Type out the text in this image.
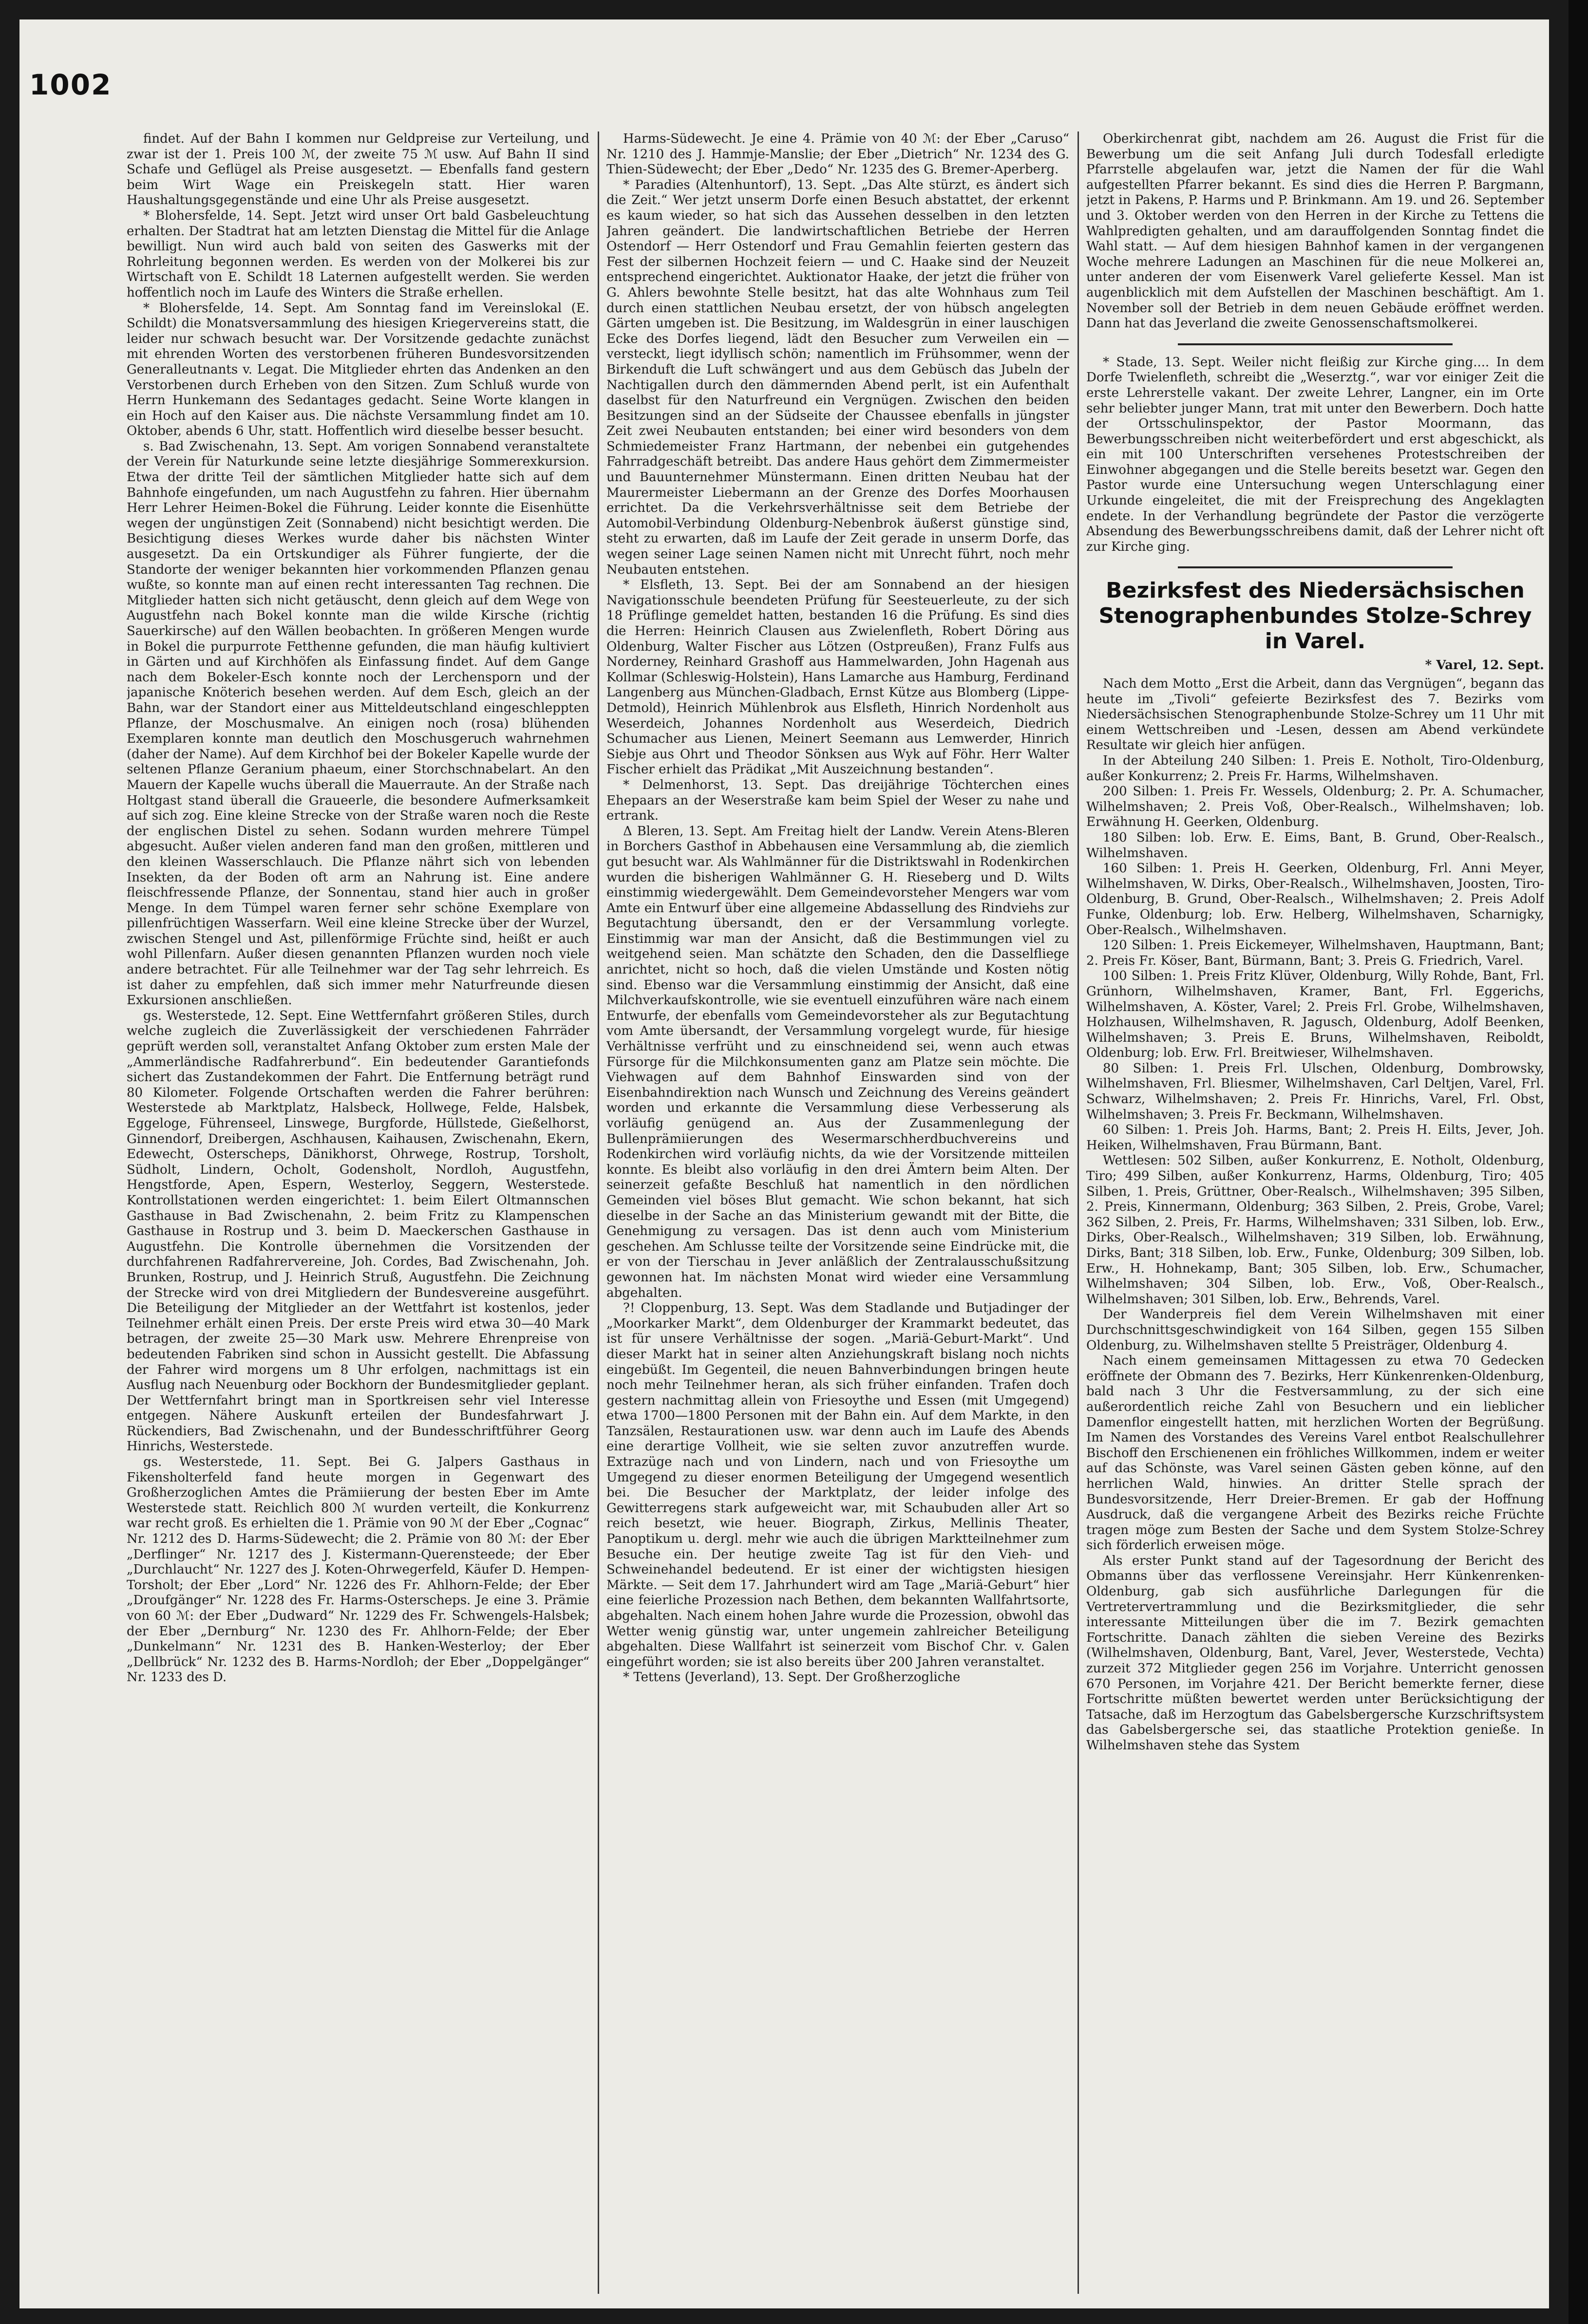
1002

findet. Auf der Bahn I kommen nur Geldpreise zur Verteilung, und zwar ist der 1. Preis 100 ℳ, der zweite 75 ℳ usw. Auf Bahn II sind Schafe und Geflügel als Preise ausgesetzt. — Ebenfalls fand gestern beim Wirt Wage ein Preiskegeln statt. Hier waren Haushaltungsgegenstände und eine Uhr als Preise ausgesetzt.

* Blohersfelde, 14. Sept. Jetzt wird unser Ort bald Gasbeleuchtung erhalten. Der Stadtrat hat am letzten Dienstag die Mittel für die Anlage bewilligt. Nun wird auch bald von seiten des Gaswerks mit der Rohrleitung begonnen werden. Es werden von der Molkerei bis zur Wirtschaft von E. Schildt 18 Laternen aufgestellt werden. Sie werden hoffentlich noch im Laufe des Winters die Straße erhellen.

* Blohersfelde, 14. Sept. Am Sonntag fand im Vereinslokal (E. Schildt) die Monatsversammlung des hiesigen Kriegervereins statt, die leider nur schwach besucht war. Der Vorsitzende gedachte zunächst mit ehrenden Worten des verstorbenen früheren Bundesvorsitzenden Generalleutnants v. Legat. Die Mitglieder ehrten das Andenken an den Verstorbenen durch Erheben von den Sitzen. Zum Schluß wurde von Herrn Hunkemann des Sedantages gedacht. Seine Worte klangen in ein Hoch auf den Kaiser aus. Die nächste Versammlung findet am 10. Oktober, abends 6 Uhr, statt. Hoffentlich wird dieselbe besser besucht.

s. Bad Zwischenahn, 13. Sept. Am vorigen Sonnabend veranstaltete der Verein für Naturkunde seine letzte diesjährige Sommerexkursion. Etwa der dritte Teil der sämtlichen Mitglieder hatte sich auf dem Bahnhofe eingefunden, um nach Augustfehn zu fahren. Hier übernahm Herr Lehrer Heimen-Bokel die Führung. Leider konnte die Eisenhütte wegen der ungünstigen Zeit (Sonnabend) nicht besichtigt werden. Die Besichtigung dieses Werkes wurde daher bis nächsten Winter ausgesetzt. Da ein Ortskundiger als Führer fungierte, der die Standorte der weniger bekannten hier vorkommenden Pflanzen genau wußte, so konnte man auf einen recht interessanten Tag rechnen. Die Mitglieder hatten sich nicht getäuscht, denn gleich auf dem Wege von Augustfehn nach Bokel konnte man die wilde Kirsche (richtig Sauerkirsche) auf den Wällen beobachten. In größeren Mengen wurde in Bokel die purpurrote Fetthenne gefunden, die man häufig kultiviert in Gärten und auf Kirchhöfen als Einfassung findet. Auf dem Gange nach dem Bokeler-Esch konnte noch der Lerchensporn und der japanische Knöterich besehen werden. Auf dem Esch, gleich an der Bahn, war der Standort einer aus Mitteldeutschland eingeschleppten Pflanze, der Moschusmalve. An einigen noch (rosa) blühenden Exemplaren konnte man deutlich den Moschusgeruch wahrnehmen (daher der Name). Auf dem Kirchhof bei der Bokeler Kapelle wurde der seltenen Pflanze Geranium phaeum, einer Storchschnabelart. An den Mauern der Kapelle wuchs überall die Mauerraute. An der Straße nach Holtgast stand überall die Graueerle, die besondere Aufmerksamkeit auf sich zog. Eine kleine Strecke von der Straße waren noch die Reste der englischen Distel zu sehen. Sodann wurden mehrere Tümpel abgesucht. Außer vielen anderen fand man den großen, mittleren und den kleinen Wasserschlauch. Die Pflanze nährt sich von lebenden Insekten, da der Boden oft arm an Nahrung ist. Eine andere fleischfressende Pflanze, der Sonnentau, stand hier auch in großer Menge. In dem Tümpel waren ferner sehr schöne Exemplare von pillenfrüchtigen Wasserfarn. Weil eine kleine Strecke über der Wurzel, zwischen Stengel und Ast, pillenförmige Früchte sind, heißt er auch wohl Pillenfarn. Außer diesen genannten Pflanzen wurden noch viele andere betrachtet. Für alle Teilnehmer war der Tag sehr lehrreich. Es ist daher zu empfehlen, daß sich immer mehr Naturfreunde diesen Exkursionen anschließen.

gs. Westerstede, 12. Sept. Eine Wettfernfahrt größeren Stiles, durch welche zugleich die Zuverlässigkeit der verschiedenen Fahrräder geprüft werden soll, veranstaltet Anfang Oktober zum ersten Male der „Ammerländische Radfahrerbund“. Ein bedeutender Garantiefonds sichert das Zustandekommen der Fahrt. Die Entfernung beträgt rund 80 Kilometer. Folgende Ortschaften werden die Fahrer berühren: Westerstede ab Marktplatz, Halsbeck, Hollwege, Felde, Halsbek, Eggeloge, Führenseel, Linswege, Burgforde, Hüllstede, Gießelhorst, Ginnendorf, Dreibergen, Aschhausen, Kaihausen, Zwischenahn, Ekern, Edewecht, Osterscheps, Dänikhorst, Ohrwege, Rostrup, Torsholt, Südholt, Lindern, Ocholt, Godensholt, Nordloh, Augustfehn, Hengstforde, Apen, Espern, Westerloy, Seggern, Westerstede. Kontrollstationen werden eingerichtet: 1. beim Eilert Oltmannschen Gasthause in Bad Zwischenahn, 2. beim Fritz zu Klampenschen Gasthause in Rostrup und 3. beim D. Maeckerschen Gasthause in Augustfehn. Die Kontrolle übernehmen die Vorsitzenden der durchfahrenen Radfahrervereine, Joh. Cordes, Bad Zwischenahn, Joh. Brunken, Rostrup, und J. Heinrich Struß, Augustfehn. Die Zeichnung der Strecke wird von drei Mitgliedern der Bundesvereine ausgeführt. Die Beteiligung der Mitglieder an der Wettfahrt ist kostenlos, jeder Teilnehmer erhält einen Preis. Der erste Preis wird etwa 30—40 Mark betragen, der zweite 25—30 Mark usw. Mehrere Ehrenpreise von bedeutenden Fabriken sind schon in Aussicht gestellt. Die Abfassung der Fahrer wird morgens um 8 Uhr erfolgen, nachmittags ist ein Ausflug nach Neuenburg oder Bockhorn der Bundesmitglieder geplant. Der Wettfernfahrt bringt man in Sportkreisen sehr viel Interesse entgegen. Nähere Auskunft erteilen der Bundesfahrwart J. Rückendiers, Bad Zwischenahn, und der Bundesschriftführer Georg Hinrichs, Westerstede.

gs. Westerstede, 11. Sept. Bei G. Jalpers Gasthaus in Fikensholterfeld fand heute morgen in Gegenwart des Großherzoglichen Amtes die Prämiierung der besten Eber im Amte Westerstede statt. Reichlich 800 ℳ wurden verteilt, die Konkurrenz war recht groß. Es erhielten die 1. Prämie von 90 ℳ der Eber „Cognac“ Nr. 1212 des D. Harms-Südewecht; die 2. Prämie von 80 ℳ: der Eber „Derflinger“ Nr. 1217 des J. Kistermann-Querensteede; der Eber „Durchlaucht“ Nr. 1227 des J. Koten-Ohrwegerfeld, Käufer D. Hempen-Torsholt; der Eber „Lord“ Nr. 1226 des Fr. Ahlhorn-Felde; der Eber „Droufgänger“ Nr. 1228 des Fr. Harms-Osterscheps. Je eine 3. Prämie von 60 ℳ: der Eber „Dudward“ Nr. 1229 des Fr. Schwengels-Halsbek; der Eber „Dernburg“ Nr. 1230 des Fr. Ahlhorn-Felde; der Eber „Dunkelmann“ Nr. 1231 des B. Hanken-Westerloy; der Eber „Dellbrück“ Nr. 1232 des B. Harms-Nordloh; der Eber „Doppelgänger“ Nr. 1233 des D.

Harms-Südewecht. Je eine 4. Prämie von 40 ℳ: der Eber „Caruso“ Nr. 1210 des J. Hammje-Manslie; der Eber „Dietrich“ Nr. 1234 des G. Thien-Südewecht; der Eber „Dedo“ Nr. 1235 des G. Bremer-Aperberg.

* Paradies (Altenhuntorf), 13. Sept. „Das Alte stürzt, es ändert sich die Zeit.“ Wer jetzt unserm Dorfe einen Besuch abstattet, der erkennt es kaum wieder, so hat sich das Aussehen desselben in den letzten Jahren geändert. Die landwirtschaftlichen Betriebe der Herren Ostendorf — Herr Ostendorf und Frau Gemahlin feierten gestern das Fest der silbernen Hochzeit feiern — und C. Haake sind der Neuzeit entsprechend eingerichtet. Auktionator Haake, der jetzt die früher von G. Ahlers bewohnte Stelle besitzt, hat das alte Wohnhaus zum Teil durch einen stattlichen Neubau ersetzt, der von hübsch angelegten Gärten umgeben ist. Die Besitzung, im Waldesgrün in einer lauschigen Ecke des Dorfes liegend, lädt den Besucher zum Verweilen ein — versteckt, liegt idyllisch schön; namentlich im Frühsommer, wenn der Birkenduft die Luft schwängert und aus dem Gebüsch das Jubeln der Nachtigallen durch den dämmernden Abend perlt, ist ein Aufenthalt daselbst für den Naturfreund ein Vergnügen. Zwischen den beiden Besitzungen sind an der Südseite der Chaussee ebenfalls in jüngster Zeit zwei Neubauten entstanden; bei einer wird besonders von dem Schmiedemeister Franz Hartmann, der nebenbei ein gutgehendes Fahrradgeschäft betreibt. Das andere Haus gehört dem Zimmermeister und Bauunternehmer Münstermann. Einen dritten Neubau hat der Maurermeister Liebermann an der Grenze des Dorfes Moorhausen errichtet. Da die Verkehrsverhältnisse seit dem Betriebe der Automobil-Verbindung Oldenburg-Nebenbrok äußerst günstige sind, steht zu erwarten, daß im Laufe der Zeit gerade in unserm Dorfe, das wegen seiner Lage seinen Namen nicht mit Unrecht führt, noch mehr Neubauten entstehen.

* Elsfleth, 13. Sept. Bei der am Sonnabend an der hiesigen Navigationsschule beendeten Prüfung für Seesteuerleute, zu der sich 18 Prüflinge gemeldet hatten, bestanden 16 die Prüfung. Es sind dies die Herren: Heinrich Clausen aus Zwielenfleth, Robert Döring aus Oldenburg, Walter Fischer aus Lötzen (Ostpreußen), Franz Fulfs aus Norderney, Reinhard Grashoff aus Hammelwarden, John Hagenah aus Kollmar (Schleswig-Holstein), Hans Lamarche aus Hamburg, Ferdinand Langenberg aus München-Gladbach, Ernst Kütze aus Blomberg (Lippe-Detmold), Heinrich Mühlenbrok aus Elsfleth, Hinrich Nordenholt aus Weserdeich, Johannes Nordenholt aus Weserdeich, Diedrich Schumacher aus Lienen, Meinert Seemann aus Lemwerder, Hinrich Siebje aus Ohrt und Theodor Sönksen aus Wyk auf Föhr. Herr Walter Fischer erhielt das Prädikat „Mit Auszeichnung bestanden“.

* Delmenhorst, 13. Sept. Das dreijährige Töchterchen eines Ehepaars an der Weserstraße kam beim Spiel der Weser zu nahe und ertrank.

Δ Bleren, 13. Sept. Am Freitag hielt der Landw. Verein Atens-Bleren in Borchers Gasthof in Abbehausen eine Versammlung ab, die ziemlich gut besucht war. Als Wahlmänner für die Distriktswahl in Rodenkirchen wurden die bisherigen Wahlmänner G. H. Rieseberg und D. Wilts einstimmig wiedergewählt. Dem Gemeindevorsteher Mengers war vom Amte ein Entwurf über eine allgemeine Abdassellung des Rindviehs zur Begutachtung übersandt, den er der Versammlung vorlegte. Einstimmig war man der Ansicht, daß die Bestimmungen viel zu weitgehend seien. Man schätzte den Schaden, den die Dasselfliege anrichtet, nicht so hoch, daß die vielen Umstände und Kosten nötig sind. Ebenso war die Versammlung einstimmig der Ansicht, daß eine Milchverkaufskontrolle, wie sie eventuell einzuführen wäre nach einem Entwurfe, der ebenfalls vom Gemeindevorsteher als zur Begutachtung vom Amte übersandt, der Versammlung vorgelegt wurde, für hiesige Verhältnisse verfrüht und zu einschneidend sei, wenn auch etwas Fürsorge für die Milchkonsumenten ganz am Platze sein möchte. Die Viehwagen auf dem Bahnhof Einswarden sind von der Eisenbahndirektion nach Wunsch und Zeichnung des Vereins geändert worden und erkannte die Versammlung diese Verbesserung als vorläufig genügend an. Aus der Zusammenlegung der Bullenprämiierungen des Wesermarschherdbuchvereins und Rodenkirchen wird vorläufig nichts, da wie der Vorsitzende mitteilen konnte. Es bleibt also vorläufig in den drei Ämtern beim Alten. Der seinerzeit gefaßte Beschluß hat namentlich in den nördlichen Gemeinden viel böses Blut gemacht. Wie schon bekannt, hat sich dieselbe in der Sache an das Ministerium gewandt mit der Bitte, die Genehmigung zu versagen. Das ist denn auch vom Ministerium geschehen. Am Schlusse teilte der Vorsitzende seine Eindrücke mit, die er von der Tierschau in Jever anläßlich der Zentralausschußsitzung gewonnen hat. Im nächsten Monat wird wieder eine Versammlung abgehalten.

?! Cloppenburg, 13. Sept. Was dem Stadlande und Butjadinger der „Moorkarker Markt“, dem Oldenburger der Krammarkt bedeutet, das ist für unsere Verhältnisse der sogen. „Mariä-Geburt-Markt“. Und dieser Markt hat in seiner alten Anziehungskraft bislang noch nichts eingebüßt. Im Gegenteil, die neuen Bahnverbindungen bringen heute noch mehr Teilnehmer heran, als sich früher einfanden. Trafen doch gestern nachmittag allein von Friesoythe und Essen (mit Umgegend) etwa 1700—1800 Personen mit der Bahn ein. Auf dem Markte, in den Tanzsälen, Restaurationen usw. war denn auch im Laufe des Abends eine derartige Vollheit, wie sie selten zuvor anzutreffen wurde. Extrazüge nach und von Lindern, nach und von Friesoythe um Umgegend zu dieser enormen Beteiligung der Umgegend wesentlich bei. Die Besucher der Marktplatz, der leider infolge des Gewitterregens stark aufgeweicht war, mit Schaubuden aller Art so reich besetzt, wie heuer. Biograph, Zirkus, Mellinis Theater, Panoptikum u. dergl. mehr wie auch die übrigen Marktteilnehmer zum Besuche ein. Der heutige zweite Tag ist für den Vieh- und Schweinehandel bedeutend. Er ist einer der wichtigsten hiesigen Märkte. — Seit dem 17. Jahrhundert wird am Tage „Mariä-Geburt“ hier eine feierliche Prozession nach Bethen, dem bekannten Wallfahrtsorte, abgehalten. Nach einem hohen Jahre wurde die Prozession, obwohl das Wetter wenig günstig war, unter ungemein zahlreicher Beteiligung abgehalten. Diese Wallfahrt ist seinerzeit vom Bischof Chr. v. Galen eingeführt worden; sie ist also bereits über 200 Jahren veranstaltet.

* Tettens (Jeverland), 13. Sept. Der Großherzogliche

Oberkirchenrat gibt, nachdem am 26. August die Frist für die Bewerbung um die seit Anfang Juli durch Todesfall erledigte Pfarrstelle abgelaufen war, jetzt die Namen der für die Wahl aufgestellten Pfarrer bekannt. Es sind dies die Herren P. Bargmann, jetzt in Pakens, P. Harms und P. Brinkmann. Am 19. und 26. September und 3. Oktober werden von den Herren in der Kirche zu Tettens die Wahlpredigten gehalten, und am darauffolgenden Sonntag findet die Wahl statt. — Auf dem hiesigen Bahnhof kamen in der vergangenen Woche mehrere Ladungen an Maschinen für die neue Molkerei an, unter anderen der vom Eisenwerk Varel gelieferte Kessel. Man ist augenblicklich mit dem Aufstellen der Maschinen beschäftigt. Am 1. November soll der Betrieb in dem neuen Gebäude eröffnet werden. Dann hat das Jeverland die zweite Genossenschaftsmolkerei.

* Stade, 13. Sept. Weiler nicht fleißig zur Kirche ging.... In dem Dorfe Twielenfleth, schreibt die „Weserztg.“, war vor einiger Zeit die erste Lehrerstelle vakant. Der zweite Lehrer, Langner, ein im Orte sehr beliebter junger Mann, trat mit unter den Bewerbern. Doch hatte der Ortsschulinspektor, der Pastor Moormann, das Bewerbungsschreiben nicht weiterbefördert und erst abgeschickt, als ein mit 100 Unterschriften versehenes Protestschreiben der Einwohner abgegangen und die Stelle bereits besetzt war. Gegen den Pastor wurde eine Untersuchung wegen Unterschlagung einer Urkunde eingeleitet, die mit der Freisprechung des Angeklagten endete. In der Verhandlung begründete der Pastor die verzögerte Absendung des Bewerbungsschreibens damit, daß der Lehrer nicht oft zur Kirche ging.

Bezirksfest des Niedersächsischen Stenographenbundes Stolze-Schrey in Varel.
* Varel, 12. Sept.

Nach dem Motto „Erst die Arbeit, dann das Vergnügen“, begann das heute im „Tivoli“ gefeierte Bezirksfest des 7. Bezirks vom Niedersächsischen Stenographenbunde Stolze-Schrey um 11 Uhr mit einem Wettschreiben und -Lesen, dessen am Abend verkündete Resultate wir gleich hier anfügen.

In der Abteilung 240 Silben: 1. Preis E. Notholt, Tiro-Oldenburg, außer Konkurrenz; 2. Preis Fr. Harms, Wilhelmshaven.

200 Silben: 1. Preis Fr. Wessels, Oldenburg; 2. Pr. A. Schumacher, Wilhelmshaven; 2. Preis Voß, Ober-Realsch., Wilhelmshaven; lob. Erwähnung H. Geerken, Oldenburg.

180 Silben: lob. Erw. E. Eims, Bant, B. Grund, Ober-Realsch., Wilhelmshaven.

160 Silben: 1. Preis H. Geerken, Oldenburg, Frl. Anni Meyer, Wilhelmshaven, W. Dirks, Ober-Realsch., Wilhelmshaven, Joosten, Tiro-Oldenburg, B. Grund, Ober-Realsch., Wilhelmshaven; 2. Preis Adolf Funke, Oldenburg; lob. Erw. Helberg, Wilhelmshaven, Scharnigky, Ober-Realsch., Wilhelmshaven.

120 Silben: 1. Preis Eickemeyer, Wilhelmshaven, Hauptmann, Bant; 2. Preis Fr. Köser, Bant, Bürmann, Bant; 3. Preis G. Friedrich, Varel.

100 Silben: 1. Preis Fritz Klüver, Oldenburg, Willy Rohde, Bant, Frl. Grünhorn, Wilhelmshaven, Kramer, Bant, Frl. Eggerichs, Wilhelmshaven, A. Köster, Varel; 2. Preis Frl. Grobe, Wilhelmshaven, Holzhausen, Wilhelmshaven, R. Jagusch, Oldenburg, Adolf Beenken, Wilhelmshaven; 3. Preis E. Bruns, Wilhelmshaven, Reiboldt, Oldenburg; lob. Erw. Frl. Breitwieser, Wilhelmshaven.

80 Silben: 1. Preis Frl. Ulschen, Oldenburg, Dombrowsky, Wilhelmshaven, Frl. Bliesmer, Wilhelmshaven, Carl Deltjen, Varel, Frl. Schwarz, Wilhelmshaven; 2. Preis Fr. Hinrichs, Varel, Frl. Obst, Wilhelmshaven; 3. Preis Fr. Beckmann, Wilhelmshaven.

60 Silben: 1. Preis Joh. Harms, Bant; 2. Preis H. Eilts, Jever, Joh. Heiken, Wilhelmshaven, Frau Bürmann, Bant.

Wettlesen: 502 Silben, außer Konkurrenz, E. Notholt, Oldenburg, Tiro; 499 Silben, außer Konkurrenz, Harms, Oldenburg, Tiro; 405 Silben, 1. Preis, Grüttner, Ober-Realsch., Wilhelmshaven; 395 Silben, 2. Preis, Kinnermann, Oldenburg; 363 Silben, 2. Preis, Grobe, Varel; 362 Silben, 2. Preis, Fr. Harms, Wilhelmshaven; 331 Silben, lob. Erw., Dirks, Ober-Realsch., Wilhelmshaven; 319 Silben, lob. Erwähnung, Dirks, Bant; 318 Silben, lob. Erw., Funke, Oldenburg; 309 Silben, lob. Erw., H. Hohnekamp, Bant; 305 Silben, lob. Erw., Schumacher, Wilhelmshaven; 304 Silben, lob. Erw., Voß, Ober-Realsch., Wilhelmshaven; 301 Silben, lob. Erw., Behrends, Varel.

Der Wanderpreis fiel dem Verein Wilhelmshaven mit einer Durchschnittsgeschwindigkeit von 164 Silben, gegen 155 Silben Oldenburg, zu. Wilhelmshaven stellte 5 Preisträger, Oldenburg 4.

Nach einem gemeinsamen Mittagessen zu etwa 70 Gedecken eröffnete der Obmann des 7. Bezirks, Herr Künkenrenken-Oldenburg, bald nach 3 Uhr die Festversammlung, zu der sich eine außerordentlich reiche Zahl von Besuchern und ein lieblicher Damenflor eingestellt hatten, mit herzlichen Worten der Begrüßung. Im Namen des Vorstandes des Vereins Varel entbot Realschullehrer Bischoff den Erschienenen ein fröhliches Willkommen, indem er weiter auf das Schönste, was Varel seinen Gästen geben könne, auf den herrlichen Wald, hinwies. An dritter Stelle sprach der Bundesvorsitzende, Herr Dreier-Bremen. Er gab der Hoffnung Ausdruck, daß die vergangene Arbeit des Bezirks reiche Früchte tragen möge zum Besten der Sache und dem System Stolze-Schrey sich förderlich erweisen möge.

Als erster Punkt stand auf der Tagesordnung der Bericht des Obmanns über das verflossene Vereinsjahr. Herr Künkenrenken-Oldenburg, gab sich ausführliche Darlegungen für die Vertretervertrammlung und die Bezirksmitglieder, die sehr interessante Mitteilungen über die im 7. Bezirk gemachten Fortschritte. Danach zählten die sieben Vereine des Bezirks (Wilhelmshaven, Oldenburg, Bant, Varel, Jever, Westerstede, Vechta) zurzeit 372 Mitglieder gegen 256 im Vorjahre. Unterricht genossen 670 Personen, im Vorjahre 421. Der Bericht bemerkte ferner, diese Fortschritte müßten bewertet werden unter Berücksichtigung der Tatsache, daß im Herzogtum das Gabelsbergersche Kurzschriftsystem das Gabelsbergersche sei, das staatliche Protektion genieße. In Wilhelmshaven stehe das System
